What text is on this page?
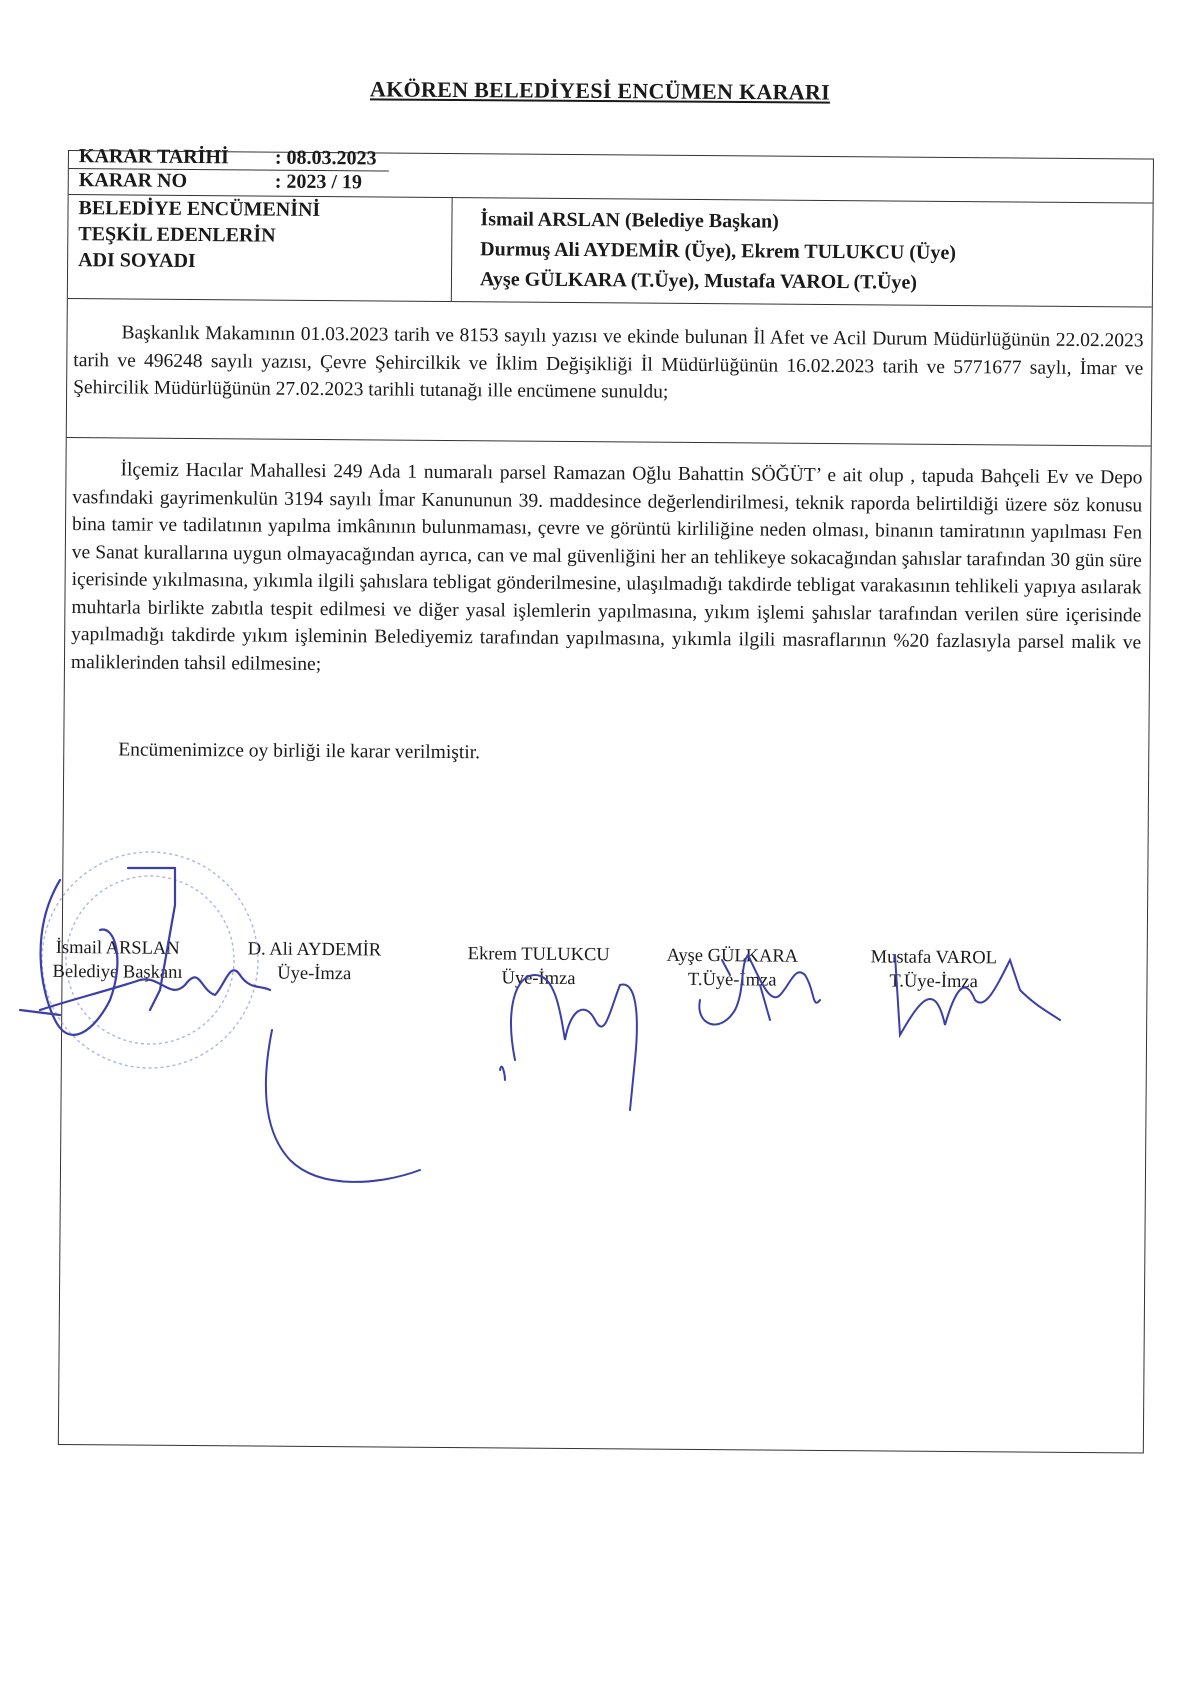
AKÖREN BELEDİYESİ ENCÜMEN KARARI
KARAR TARİHİ : 08.03.2023
KARAR NO	: 2023 / 19
BELEDİYE ENCÜMENİNİ
TEŞKİL EDENLERİN
ADI SOYADI
İsmail ARSLAN (Belediye Başkan)
Durmuş Ali AYDEMİR (Üye), Ekrem TULUKCU (Üye)
Ayşe GÜLKARA (T.Üye), Mustafa VAROL (T.Üye)

Başkanlık Makamının 01.03.2023 tarih ve 8153 sayılı yazısı ve ekinde bulunan İl Afet ve Acil Durum Müdürlüğünün 22.02.2023 tarih ve 496248 sayılı yazısı, Çevre Şehircilkik ve İklim Değişikliği İl Müdürlüğünün 16.02.2023 tarih ve 5771677 saylı, İmar ve Şehircilik Müdürlüğünün 27.02.2023 tarihli tutanağı ille encümene sunuldu;

İlçemiz Hacılar Mahallesi 249 Ada 1 numaralı parsel Ramazan Oğlu Bahattin SÖĞÜT’ e ait olup , tapuda Bahçeli Ev ve Depo vasfındaki gayrimenkulün 3194 sayılı İmar Kanununun 39. maddesince değerlendirilmesi, teknik raporda belirtildiği üzere söz konusu bina tamir ve tadilatının yapılma imkânının bulunmaması, çevre ve görüntü kirliliğine neden olması, binanın tamiratının yapılması Fen ve Sanat kurallarına uygun olmayacağından ayrıca, can ve mal güvenliğini her an tehlikeye sokacağından şahıslar tarafından 30 gün süre içerisinde yıkılmasına, yıkımla ilgili şahıslara tebligat gönderilmesine, ulaşılmadığı takdirde tebligat varakasının tehlikeli yapıya asılarak muhtarla birlikte zabıtla tespit edilmesi ve diğer yasal işlemlerin yapılmasına, yıkım işlemi şahıslar tarafından verilen süre içerisinde yapılmadığı takdirde yıkım işleminin Belediyemiz tarafından yapılmasına, yıkımla ilgili masraflarının %20 fazlasıyla parsel malik ve maliklerinden tahsil edilmesine;

Encümenimizce oy birliği ile karar verilmiştir.

İsmail ARSLAN
Belediye Başkanı
D. Ali AYDEMİR
Üye-İmza
Ekrem TULUKCU
Üye-İmza
Ayşe GÜLKARA
T.Üye-İmza
Mustafa VAROL
T.Üye-İmza
